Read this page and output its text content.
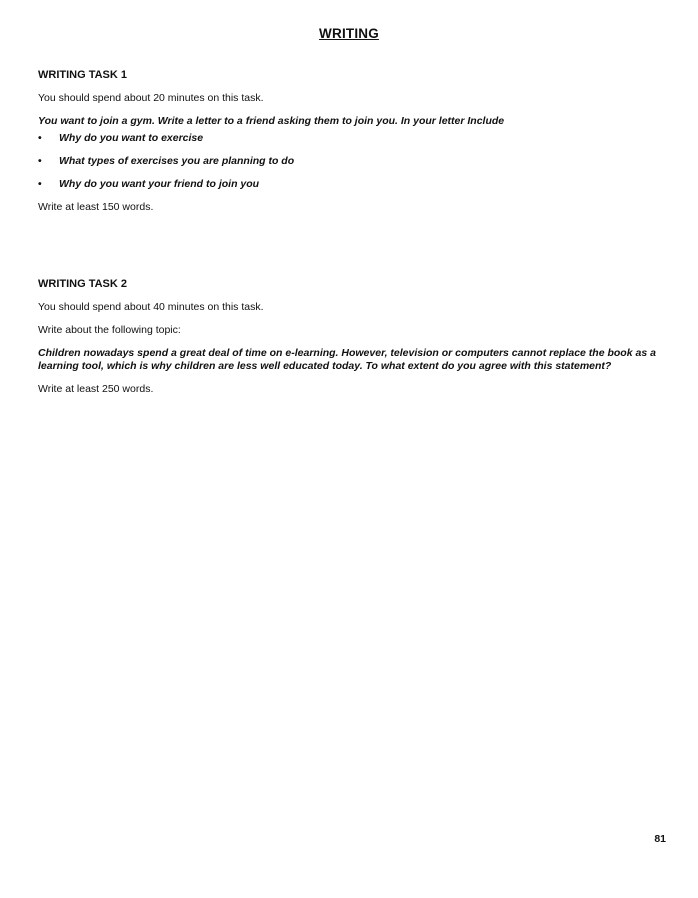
WRITING
WRITING TASK 1
You should spend about 20 minutes on this task.
You want to join a gym. Write a letter to a friend asking them to join you. In your letter Include
• Why do you want to exercise
• What types of exercises you are planning to do
• Why do you want your friend to join you
Write at least 150 words.
WRITING TASK 2
You should spend about 40 minutes on this task.
Write about the following topic:
Children nowadays spend a great deal of time on e-learning. However, television or computers cannot replace the book as a learning tool, which is why children are less well educated today. To what extent do you agree with this statement?
Write at least 250 words.
81
